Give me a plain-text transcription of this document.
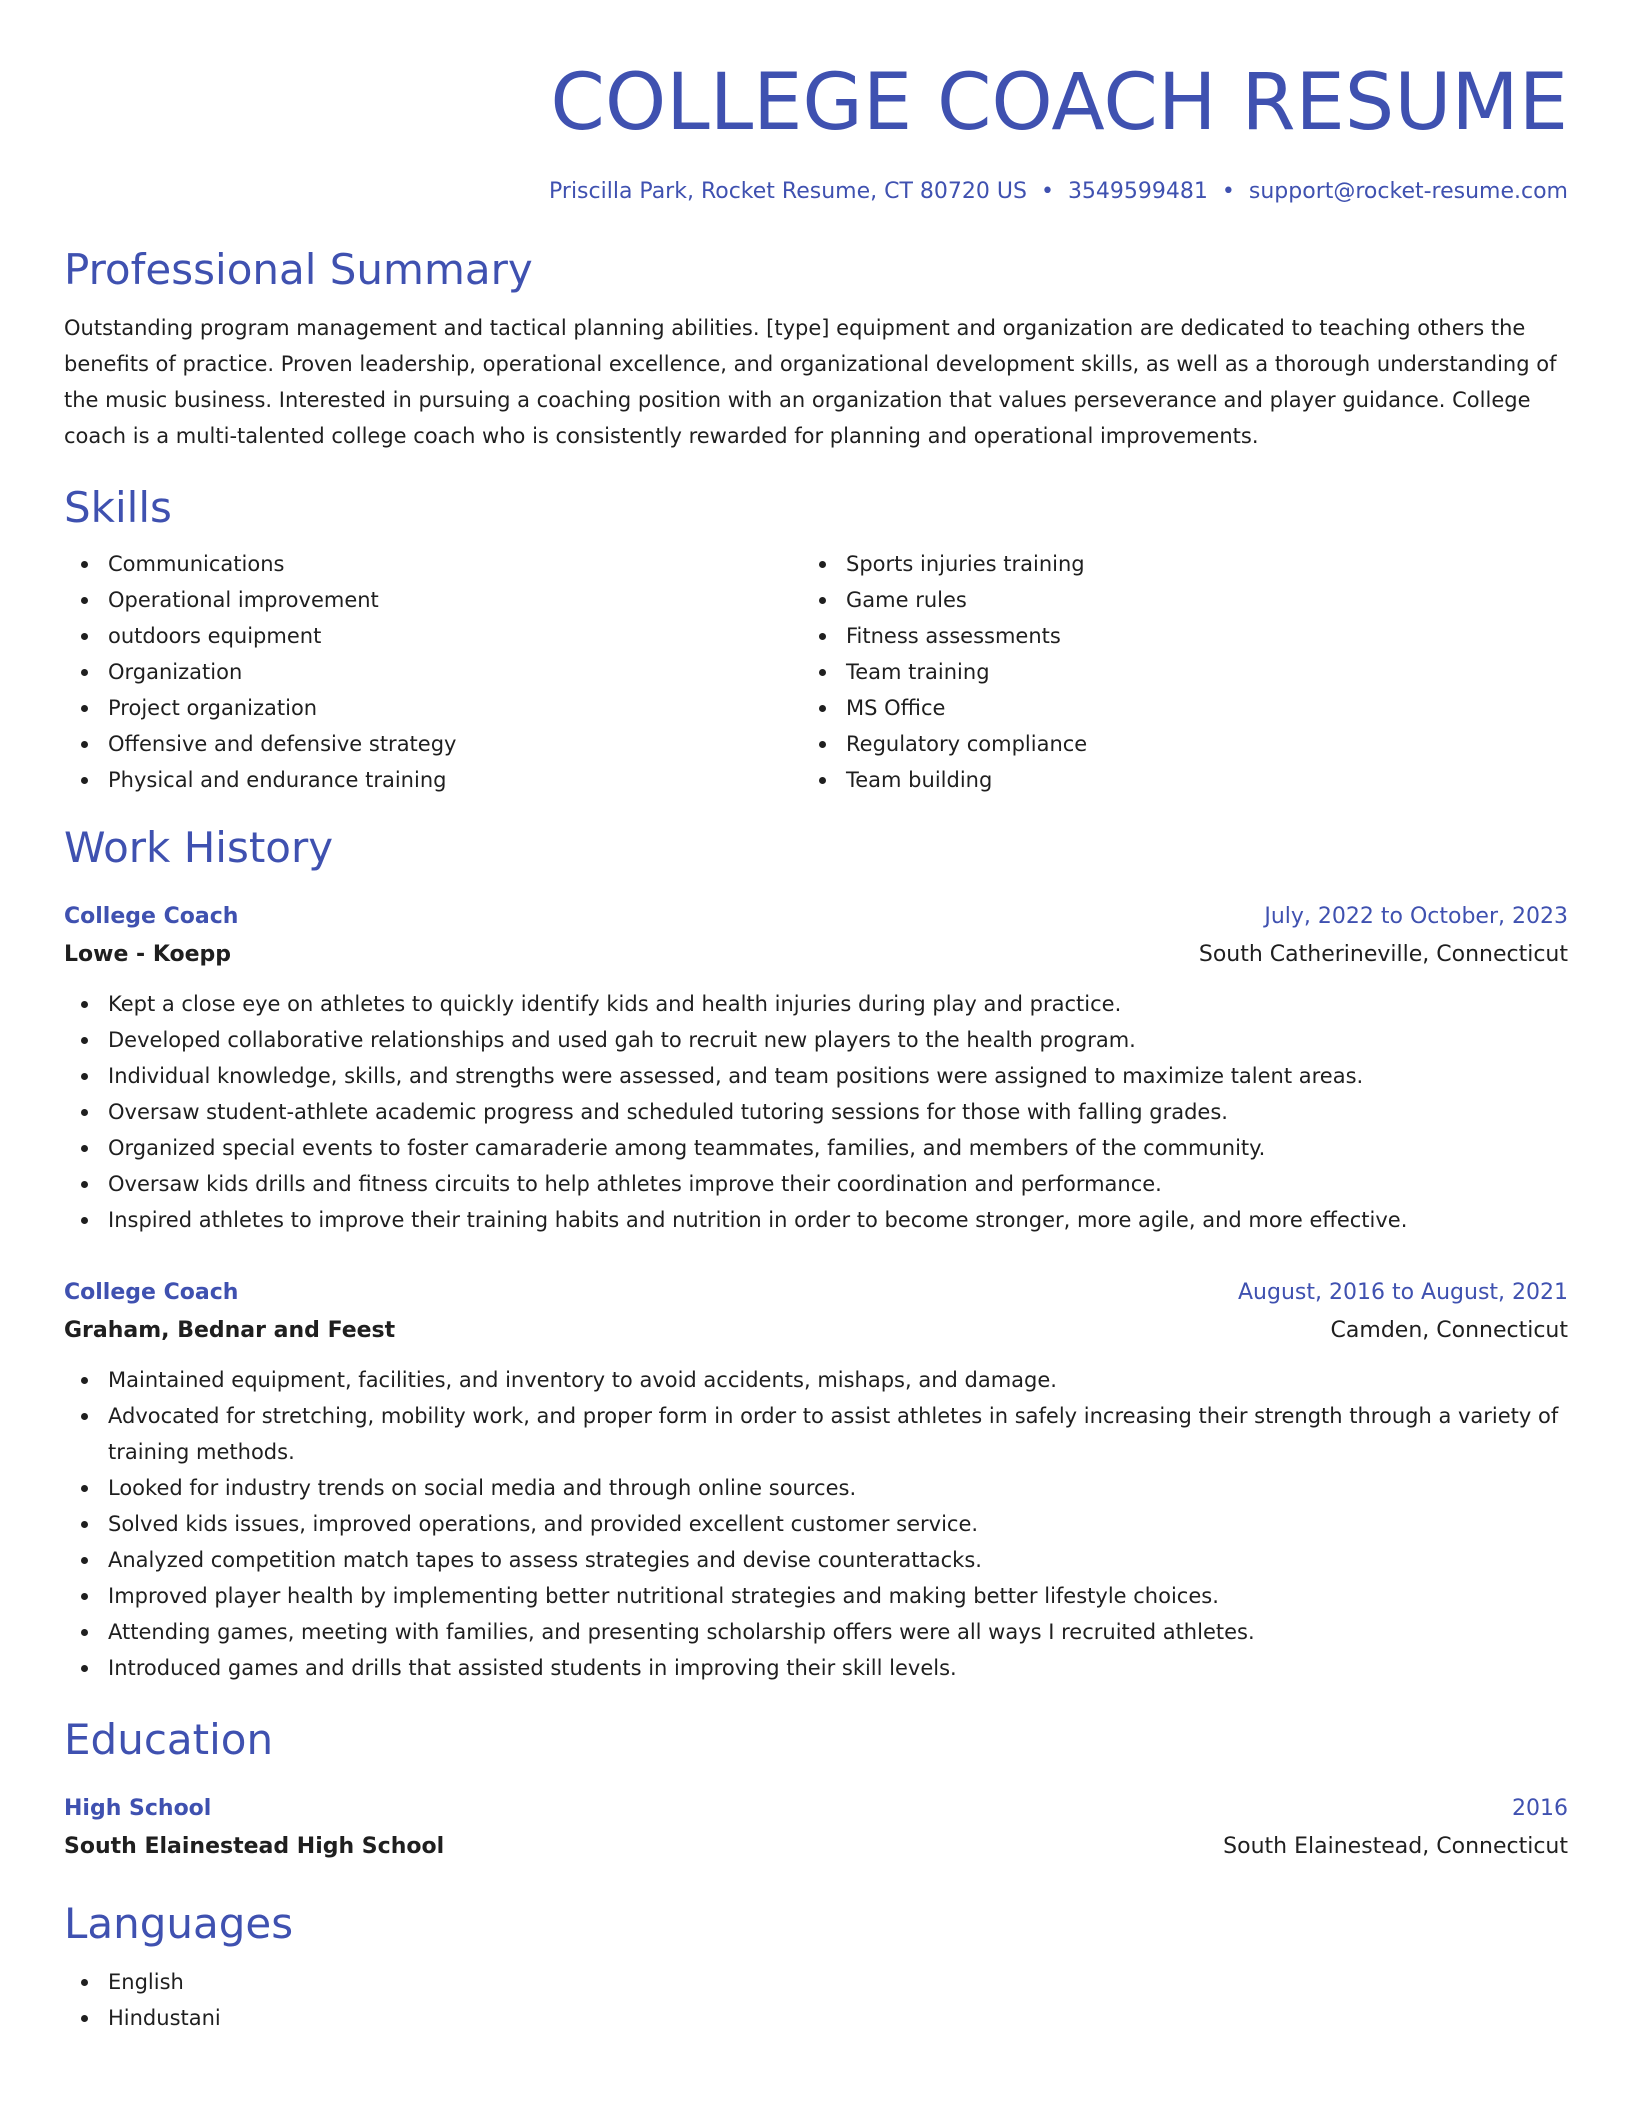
COLLEGE COACH RESUME
Priscilla Park, Rocket Resume, CT 80720 US • 3549599481 • support@rocket-resume.com
Professional Summary
Outstanding program management and tactical planning abilities. [type] equipment and organization are dedicated to teaching others the benefits of practice. Proven leadership, operational excellence, and organizational development skills, as well as a thorough understanding of the music business. Interested in pursuing a coaching position with an organization that values perseverance and player guidance. College coach is a multi-talented college coach who is consistently rewarded for planning and operational improvements.
Skills
Communications
Operational improvement
outdoors equipment
Organization
Project organization
Offensive and defensive strategy
Physical and endurance training
Sports injuries training
Game rules
Fitness assessments
Team training
MS Office
Regulatory compliance
Team building
Work History
College Coach	July, 2022 to October, 2023
Lowe - Koepp	South Catherineville, Connecticut
Kept a close eye on athletes to quickly identify kids and health injuries during play and practice.
Developed collaborative relationships and used gah to recruit new players to the health program.
Individual knowledge, skills, and strengths were assessed, and team positions were assigned to maximize talent areas.
Oversaw student-athlete academic progress and scheduled tutoring sessions for those with falling grades.
Organized special events to foster camaraderie among teammates, families, and members of the community.
Oversaw kids drills and fitness circuits to help athletes improve their coordination and performance.
Inspired athletes to improve their training habits and nutrition in order to become stronger, more agile, and more effective.
College Coach	August, 2016 to August, 2021
Graham, Bednar and Feest	Camden, Connecticut
Maintained equipment, facilities, and inventory to avoid accidents, mishaps, and damage.
Advocated for stretching, mobility work, and proper form in order to assist athletes in safely increasing their strength through a variety of training methods.
Looked for industry trends on social media and through online sources.
Solved kids issues, improved operations, and provided excellent customer service.
Analyzed competition match tapes to assess strategies and devise counterattacks.
Improved player health by implementing better nutritional strategies and making better lifestyle choices.
Attending games, meeting with families, and presenting scholarship offers were all ways I recruited athletes.
Introduced games and drills that assisted students in improving their skill levels.
Education
High School	2016
South Elainestead High School	South Elainestead, Connecticut
Languages
English
Hindustani
